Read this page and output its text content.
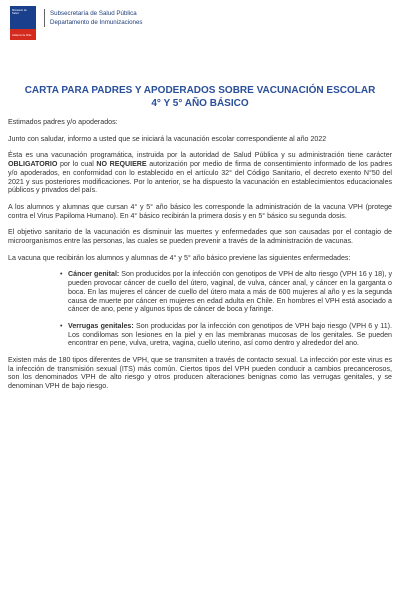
Ministerio de Salud
Gobierno de Chile
Subsecretaría de Salud Pública
Departamento de Inmunizaciones
CARTA PARA PADRES Y APODERADOS SOBRE VACUNACIÓN ESCOLAR
4° Y 5° AÑO BÁSICO

Estimados padres y/o apoderados:

Junto con saludar, informo a usted que se iniciará la vacunación escolar correspondiente al año 2022

Ésta es una vacunación programática, instruida por la autoridad de Salud Pública y su administración tiene carácter OBLIGATORIO por lo cual NO REQUIERE autorización por medio de firma de consentimiento informado de los padres y/o apoderados, en conformidad con lo establecido en el artículo 32° del Código Sanitario, el decreto exento N°50 del 2021 y sus posteriores modificaciones. Por lo anterior, se ha dispuesto la vacunación en establecimientos educacionales públicos y privados del país.

A los alumnos y alumnas que cursan 4° y 5° año básico les corresponde la administración de la vacuna VPH (protege contra el Virus Papiloma Humano). En 4° básico recibirán la primera dosis y en 5° básico su segunda dosis.

El objetivo sanitario de la vacunación es disminuir las muertes y enfermedades que son causadas por el contagio de microorganismos entre las personas, las cuales se pueden prevenir a través de la administración de vacunas.

La vacuna que recibirán los alumnos y alumnas de 4° y 5° año básico previene las siguientes enfermedades:

• Cáncer genital: Son producidos por la infección con genotipos de VPH de alto riesgo (VPH 16 y 18), y pueden provocar cáncer de cuello del útero, vaginal, de vulva, cáncer anal, y cáncer en la garganta o boca. En las mujeres el cáncer de cuello del útero mata a más de 600 mujeres al año y es la segunda causa de muerte por cáncer en mujeres en edad adulta en Chile. En hombres el VPH está asociado a cáncer de ano, pene y algunos tipos de cáncer de boca y faringe.
• Verrugas genitales: Son producidas por la infección con genotipos de VPH bajo riesgo (VPH 6 y 11). Los condilomas son lesiones en la piel y en las membranas mucosas de los genitales. Se pueden encontrar en pene, vulva, uretra, vagina, cuello uterino, así como dentro y alrededor del ano.

Existen más de 180 tipos diferentes de VPH, que se transmiten a través de contacto sexual. La infección por este virus es la infección de transmisión sexual (ITS) más común. Ciertos tipos del VPH pueden conducir a cambios precancerosos, son los denominados VPH de alto riesgo y otros producen alteraciones benignas como las verrugas genitales, y se denominan VPH de bajo riesgo.
